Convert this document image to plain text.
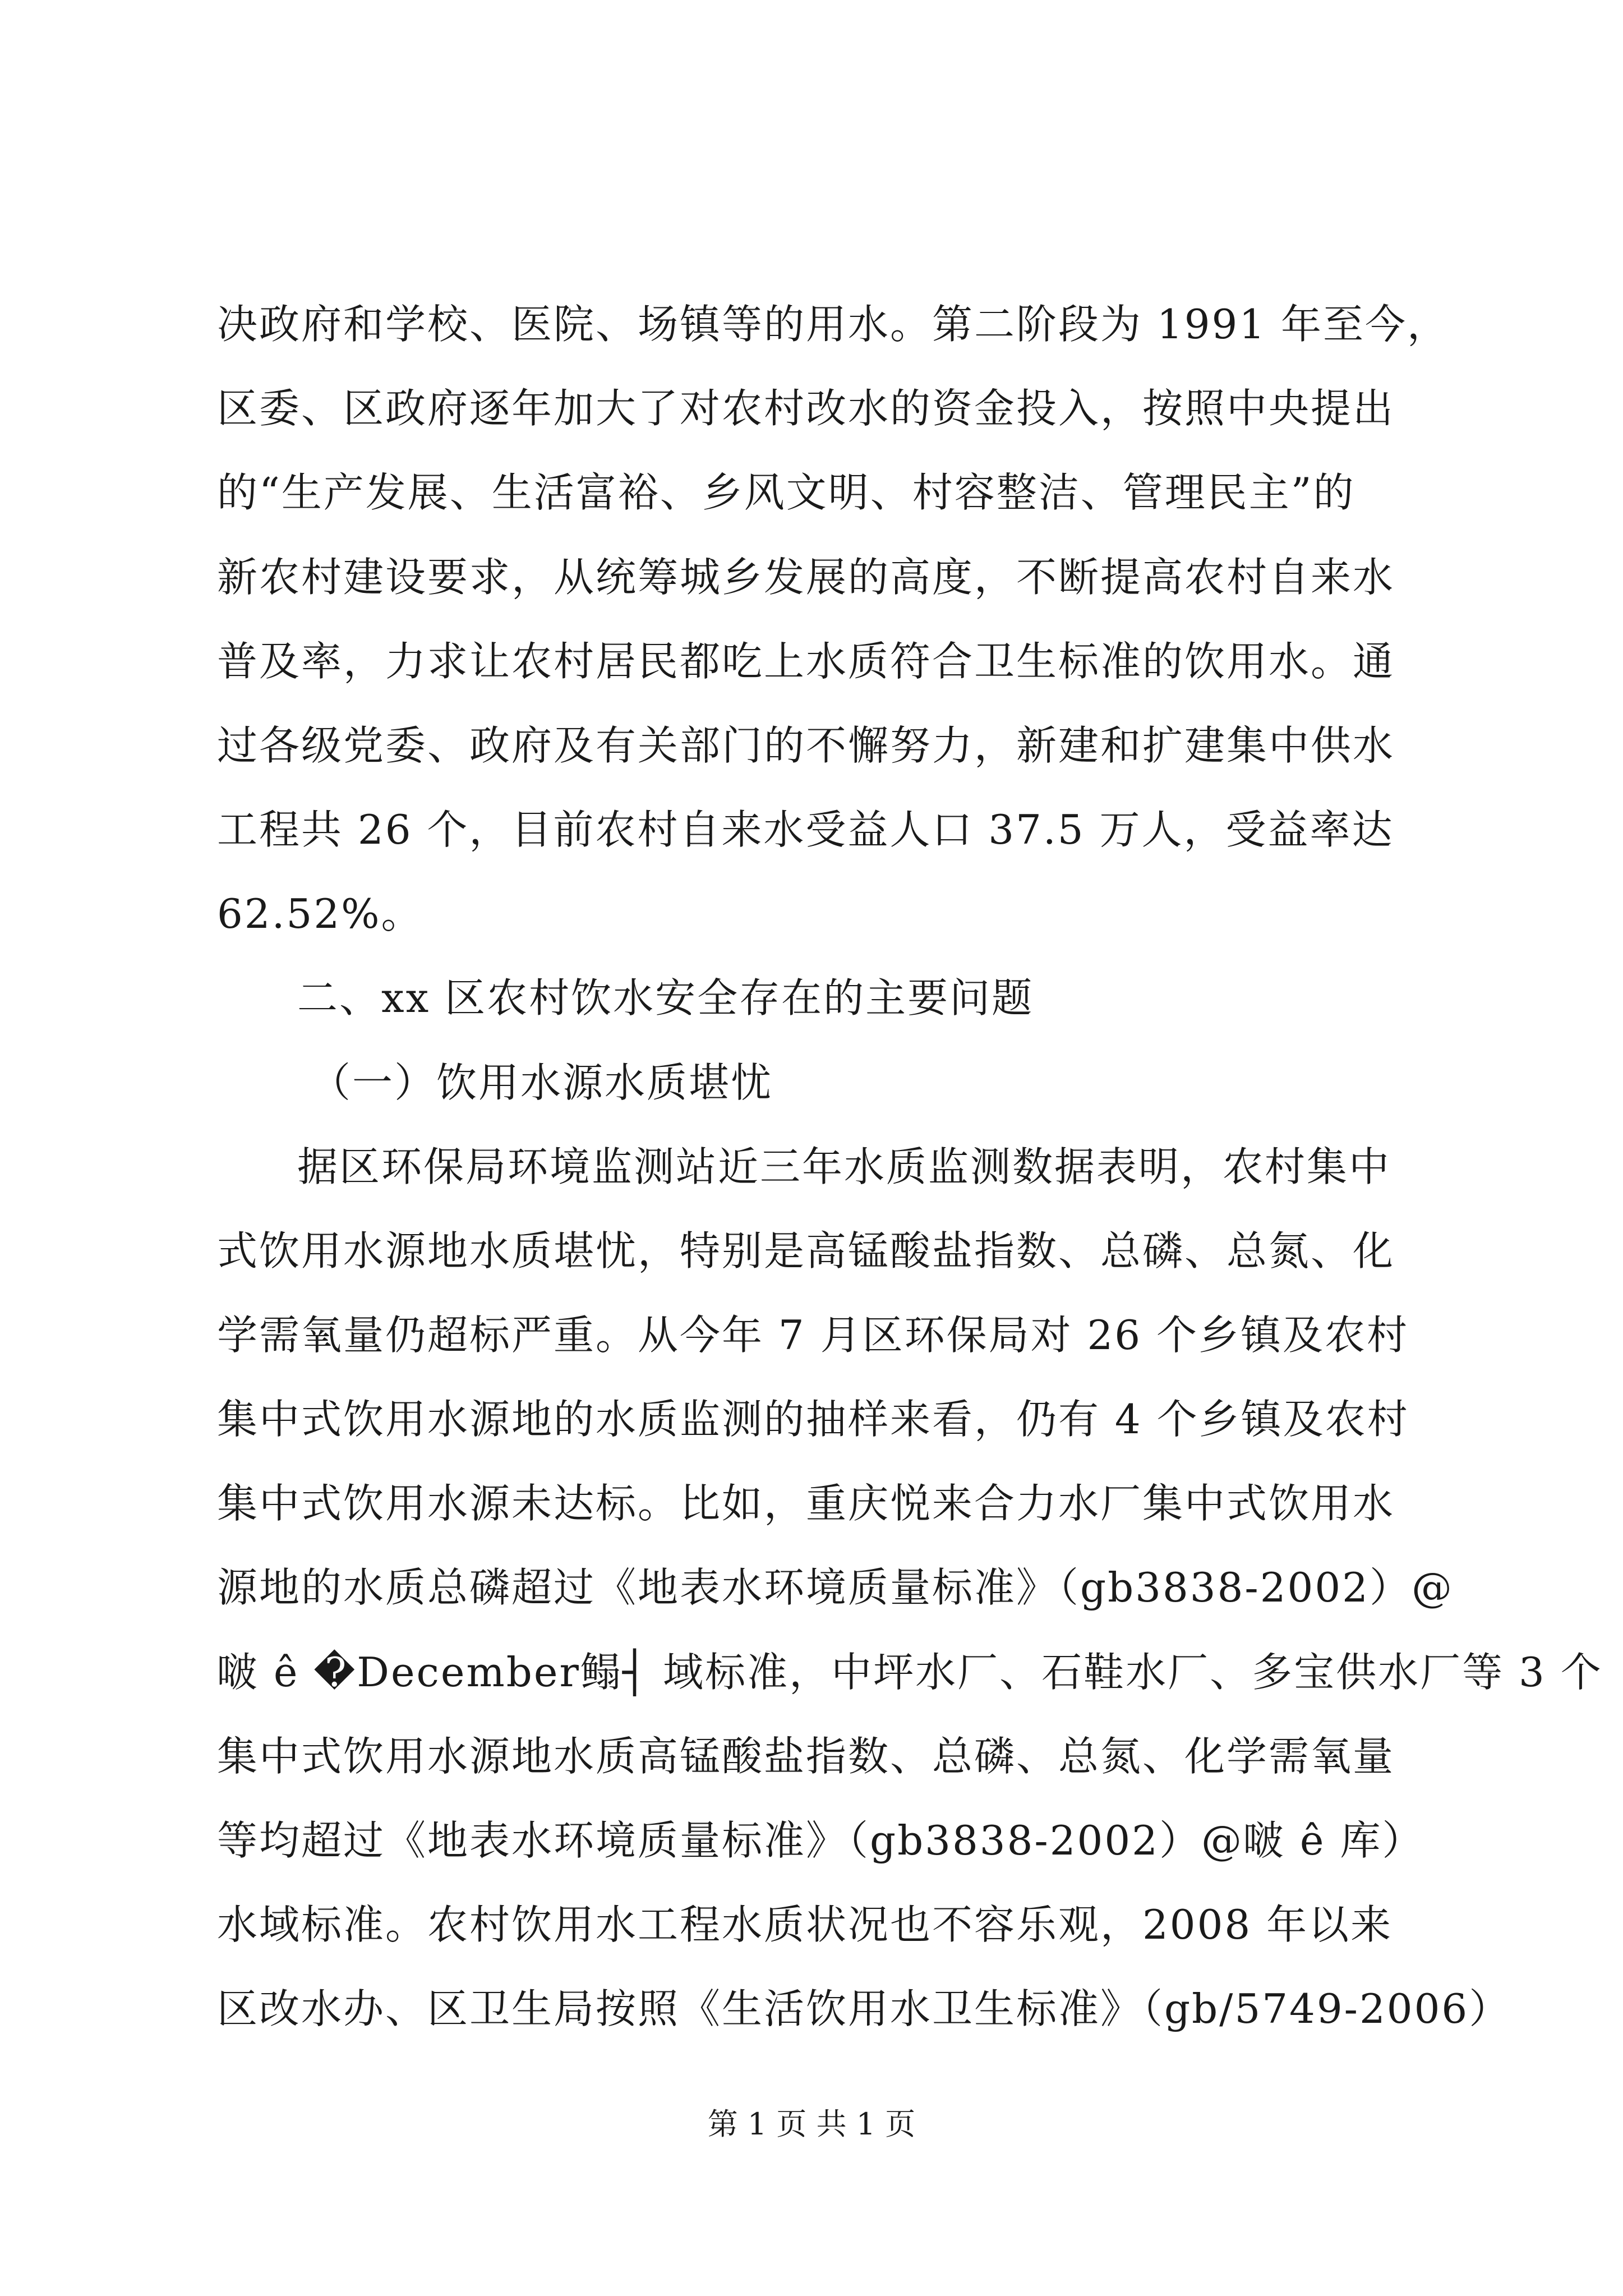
决政府和学校、医院、场镇等的用水。第二阶段为 1991 年至今，
区委、区政府逐年加大了对农村改水的资金投入，按照中央提出
的“生产发展、生活富裕、乡风文明、村容整洁、管理民主”的
新农村建设要求，从统筹城乡发展的高度，不断提高农村自来水
普及率，力求让农村居民都吃上水质符合卫生标准的饮用水。通
过各级党委、政府及有关部门的不懈努力，新建和扩建集中供水
工程共 26 个，目前农村自来水受益人口 37.5 万人，受益率达
62.52%。
二、xx 区农村饮水安全存在的主要问题
（一）饮用水源水质堪忧
据区环保局环境监测站近三年水质监测数据表明，农村集中
式饮用水源地水质堪忧，特别是高锰酸盐指数、总磷、总氮、化
学需氧量仍超标严重。从今年 7 月区环保局对 26 个乡镇及农村
集中式饮用水源地的水质监测的抽样来看，仍有 4 个乡镇及农村
集中式饮用水源未达标。比如，重庆悦来合力水厂集中式饮用水
源地的水质总磷超过《地表水环境质量标准》（gb3838-2002）@
啵 ê �December鳎┤ 域标准，中坪水厂、石鞋水厂、多宝供水厂等 3 个
集中式饮用水源地水质高锰酸盐指数、总磷、总氮、化学需氧量
等均超过《地表水环境质量标准》（gb3838-2002）@啵 ê 库）
水域标准。农村饮用水工程水质状况也不容乐观，2008 年以来
区改水办、区卫生局按照《生活饮用水卫生标准》（gb/5749-2006）
第 1 页 共 1 页
